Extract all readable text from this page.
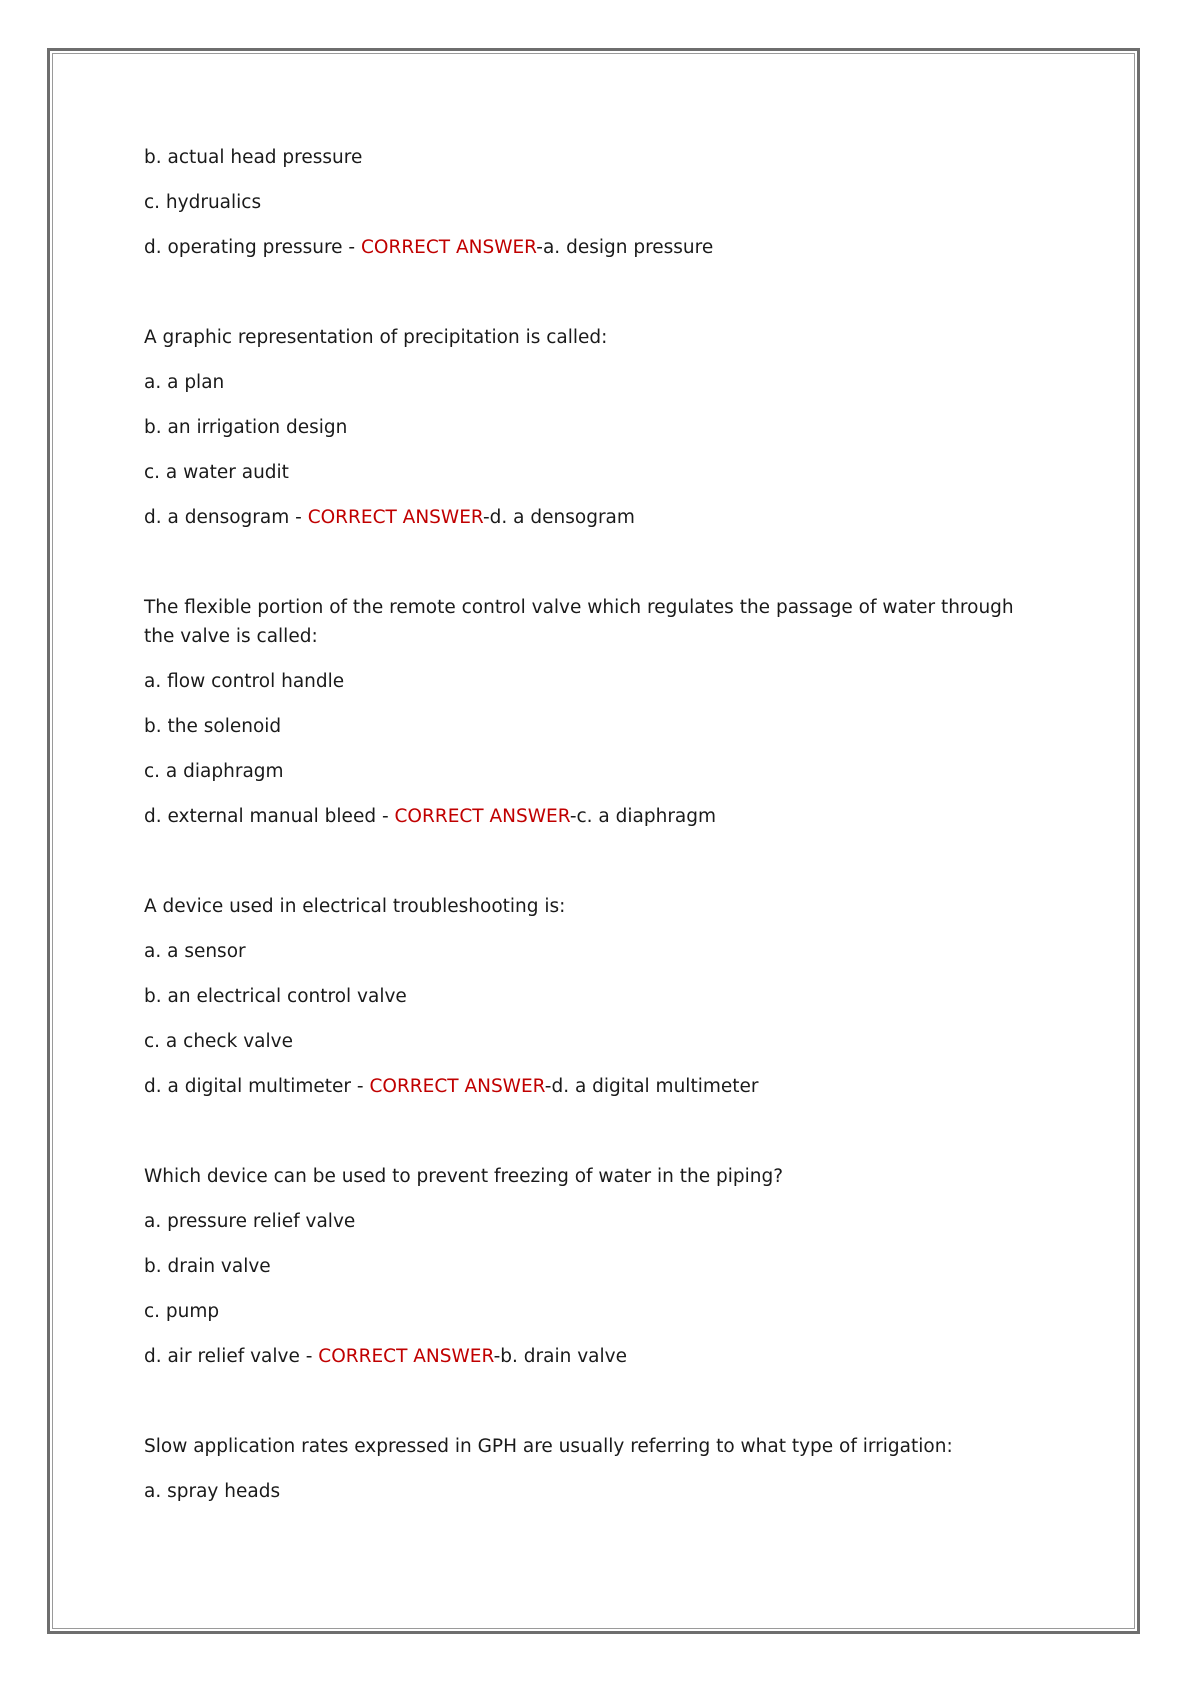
b. actual head pressure
c. hydrualics
d. operating pressure - CORRECT ANSWER-a. design pressure
A graphic representation of precipitation is called:
a. a plan
b. an irrigation design
c. a water audit
d. a densogram - CORRECT ANSWER-d. a densogram
The flexible portion of the remote control valve which regulates the passage of water through the valve is called:
a. flow control handle
b. the solenoid
c. a diaphragm
d. external manual bleed - CORRECT ANSWER-c. a diaphragm
A device used in electrical troubleshooting is:
a. a sensor
b. an electrical control valve
c. a check valve
d. a digital multimeter - CORRECT ANSWER-d. a digital multimeter
Which device can be used to prevent freezing of water in the piping?
a. pressure relief valve
b. drain valve
c. pump
d. air relief valve - CORRECT ANSWER-b. drain valve
Slow application rates expressed in GPH are usually referring to what type of irrigation:
a. spray heads
